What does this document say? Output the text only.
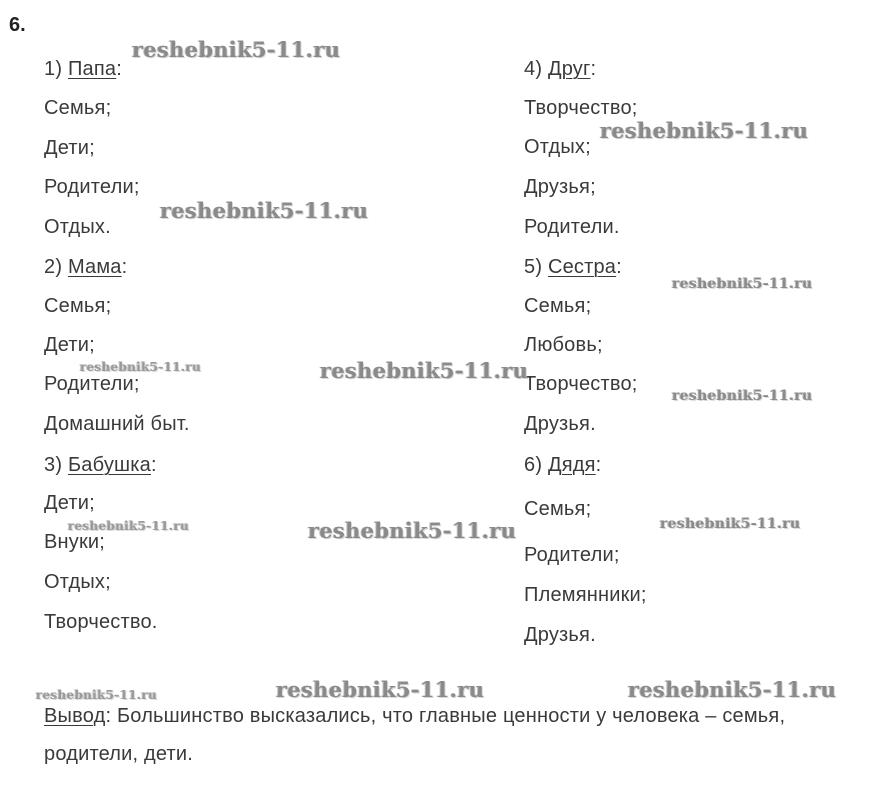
6.
1) Папа:
Семья;
Дети;
Родители;
Отдых.
2) Мама:
Семья;
Дети;
Родители;
Домашний быт.
3) Бабушка:
Дети;
Внуки;
Отдых;
Творчество.
4) Друг:
Творчество;
Отдых;
Друзья;
Родители.
5) Сестра:
Семья;
Любовь;
Творчество;
Друзья.
6) Дядя:
Семья;
Родители;
Племянники;
Друзья.
Вывод: Большинство высказались, что главные ценности у человека – семья,
родители, дети.
reshebnik5-11.ru
reshebnik5-11.ru
reshebnik5-11.ru
reshebnik5-11.ru
reshebnik5-11.ru	reshebnik5-11.ru
reshebnik5-11.ru
reshebnik5-11.ru	reshebnik5-11.ru	reshebnik5-11.ru
reshebnik5-11.ru	reshebnik5-11.ru	reshebnik5-11.ru
